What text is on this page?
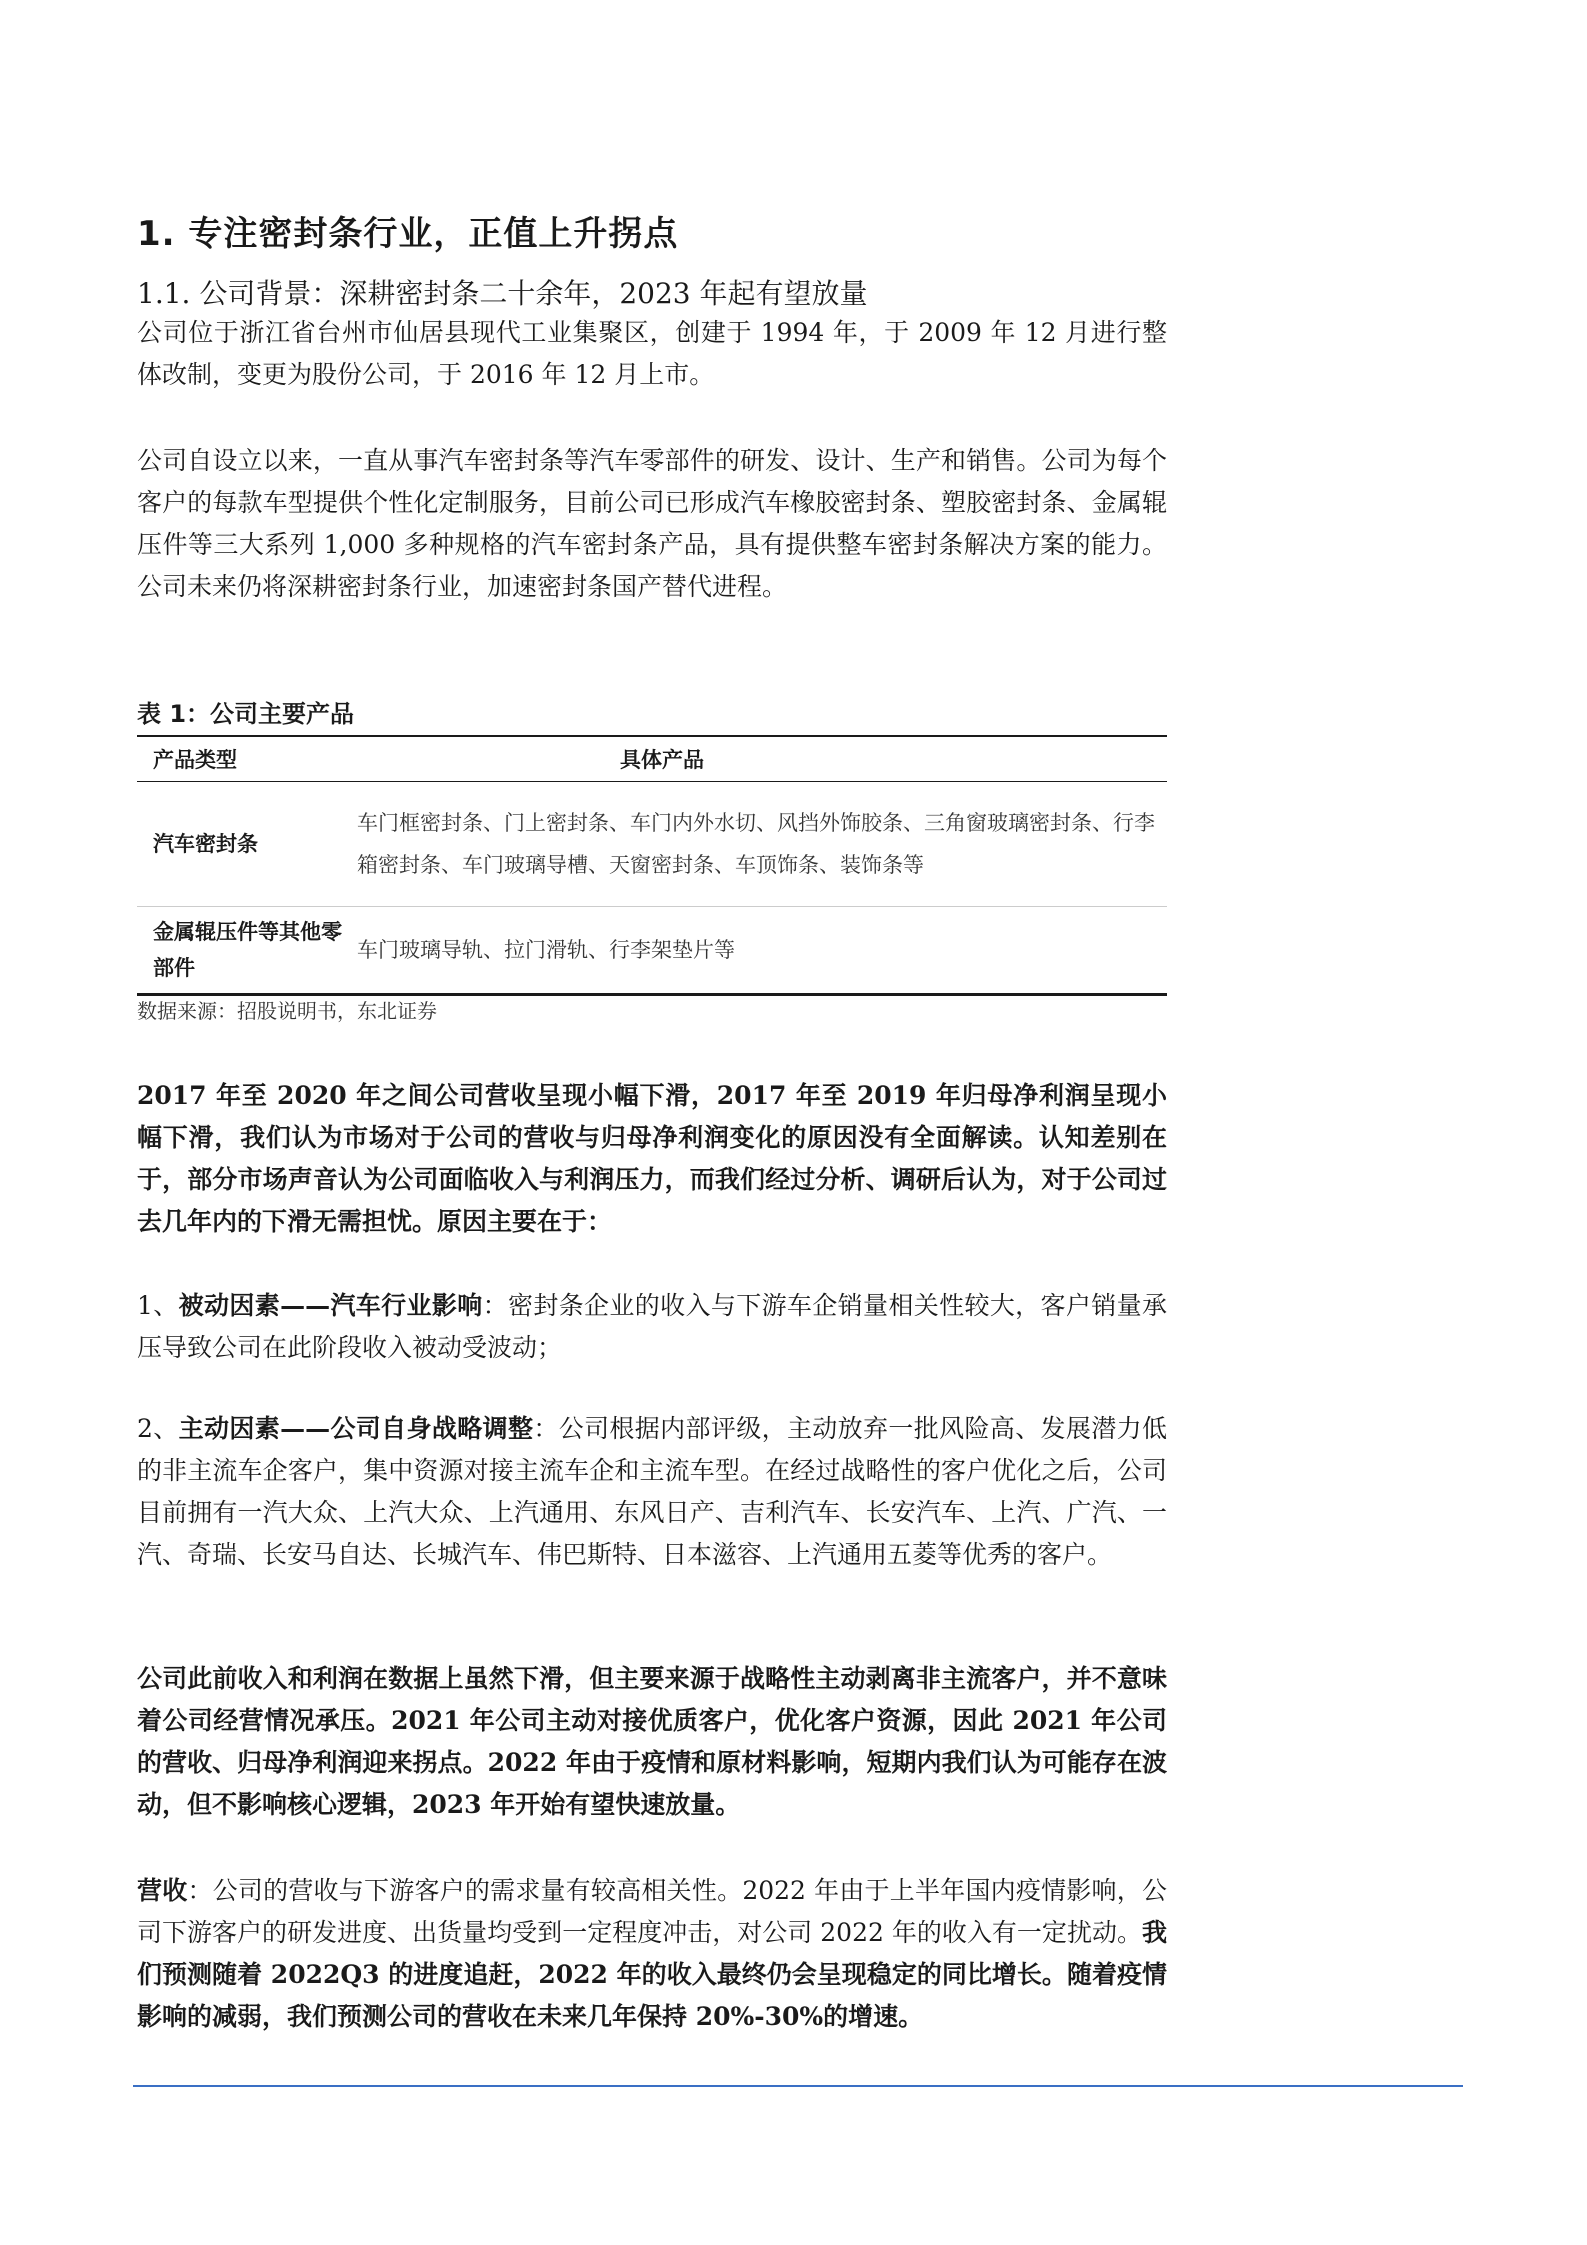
1. 专注密封条行业，正值上升拐点
1.1. 公司背景：深耕密封条二十余年，2023 年起有望放量
公司位于浙江省台州市仙居县现代工业集聚区，创建于 1994 年，于 2009 年 12 月进行整体改制，变更为股份公司，于 2016 年 12 月上市。
公司自设立以来，一直从事汽车密封条等汽车零部件的研发、设计、生产和销售。公司为每个客户的每款车型提供个性化定制服务，目前公司已形成汽车橡胶密封条、塑胶密封条、金属辊压件等三大系列 1,000 多种规格的汽车密封条产品，具有提供整车密封条解决方案的能力。公司未来仍将深耕密封条行业，加速密封条国产替代进程。
表 1：公司主要产品
产品类型	具体产品
汽车密封条
车门框密封条、门上密封条、车门内外水切、风挡外饰胶条、三角窗玻璃密封条、行李箱密封条、车门玻璃导槽、天窗密封条、车顶饰条、装饰条等
金属辊压件等其他零部件
车门玻璃导轨、拉门滑轨、行李架垫片等
数据来源：招股说明书，东北证券
2017 年至 2020 年之间公司营收呈现小幅下滑，2017 年至 2019 年归母净利润呈现小幅下滑，我们认为市场对于公司的营收与归母净利润变化的原因没有全面解读。认知差别在于，部分市场声音认为公司面临收入与利润压力，而我们经过分析、调研后认为，对于公司过去几年内的下滑无需担忧。原因主要在于：
1、被动因素——汽车行业影响：密封条企业的收入与下游车企销量相关性较大，客户销量承压导致公司在此阶段收入被动受波动；
2、主动因素——公司自身战略调整：公司根据内部评级，主动放弃一批风险高、发展潜力低的非主流车企客户，集中资源对接主流车企和主流车型。在经过战略性的客户优化之后，公司目前拥有一汽大众、上汽大众、上汽通用、东风日产、吉利汽车、长安汽车、上汽、广汽、一汽、奇瑞、长安马自达、长城汽车、伟巴斯特、日本滋容、上汽通用五菱等优秀的客户。
公司此前收入和利润在数据上虽然下滑，但主要来源于战略性主动剥离非主流客户，并不意味着公司经营情况承压。2021 年公司主动对接优质客户，优化客户资源，因此 2021 年公司的营收、归母净利润迎来拐点。2022 年由于疫情和原材料影响，短期内我们认为可能存在波动，但不影响核心逻辑，2023 年开始有望快速放量。
营收：公司的营收与下游客户的需求量有较高相关性。2022 年由于上半年国内疫情影响，公司下游客户的研发进度、出货量均受到一定程度冲击，对公司 2022 年的收入有一定扰动。我们预测随着 2022Q3 的进度追赶，2022 年的收入最终仍会呈现稳定的同比增长。随着疫情影响的减弱，我们预测公司的营收在未来几年保持 20%-30%的增速。
